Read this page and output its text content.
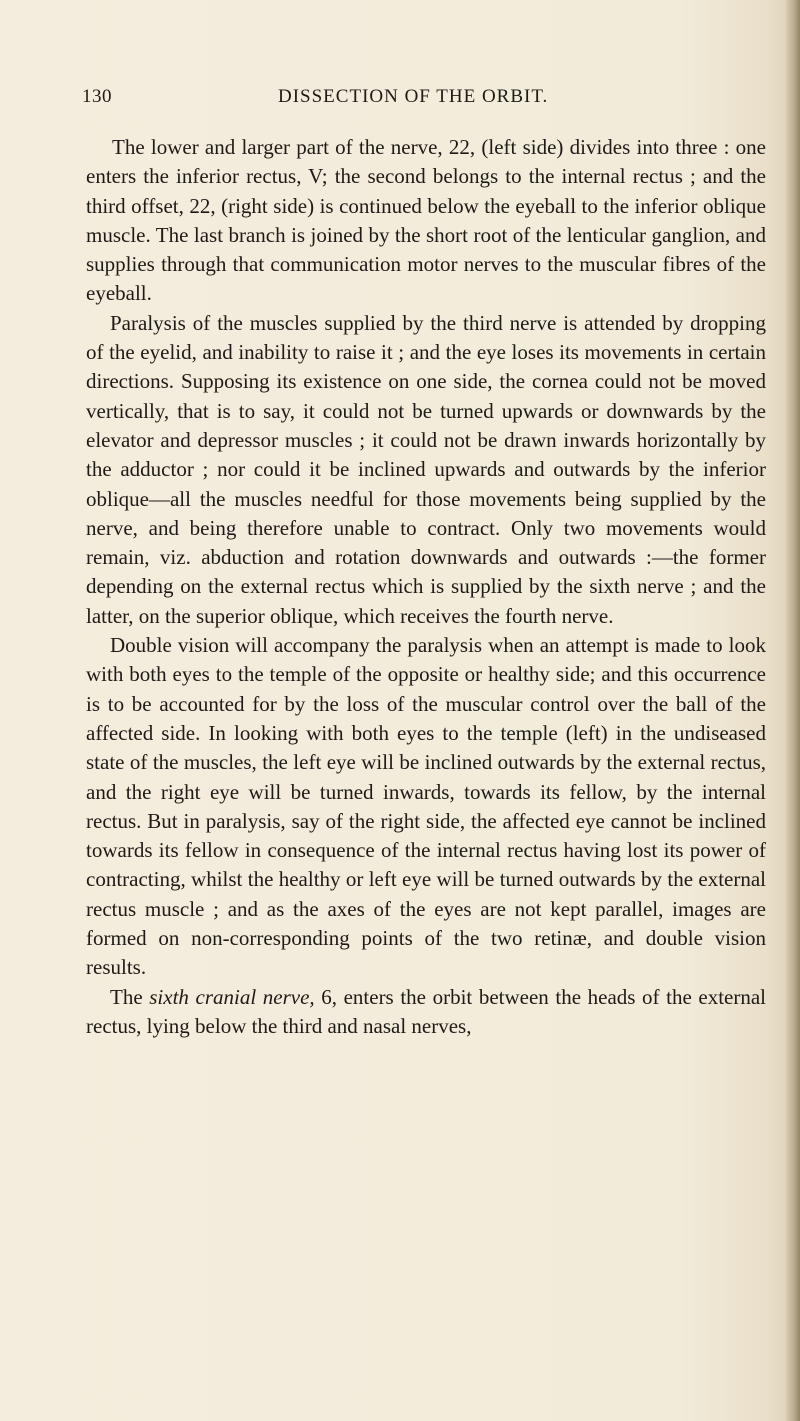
130	DISSECTION OF THE ORBIT.

The lower and larger part of the nerve, 22, (left side) divides into three : one enters the inferior rectus, V; the second belongs to the internal rectus ; and the third offset, 22, (right side) is continued below the eyeball to the inferior oblique muscle. The last branch is joined by the short root of the lenticular ganglion, and supplies through that communication motor nerves to the muscular fibres of the eyeball.

Paralysis of the muscles supplied by the third nerve is attended by dropping of the eyelid, and inability to raise it ; and the eye loses its movements in certain directions. Supposing its existence on one side, the cornea could not be moved vertically, that is to say, it could not be turned upwards or downwards by the elevator and depressor muscles ; it could not be drawn inwards horizontally by the adductor ; nor could it be inclined upwards and outwards by the inferior oblique—all the muscles needful for those movements being supplied by the nerve, and being therefore unable to contract. Only two movements would remain, viz. abduction and rotation downwards and outwards :—the former depending on the external rectus which is supplied by the sixth nerve ; and the latter, on the superior oblique, which receives the fourth nerve.

Double vision will accompany the paralysis when an attempt is made to look with both eyes to the temple of the opposite or healthy side; and this occurrence is to be accounted for by the loss of the muscular control over the ball of the affected side. In looking with both eyes to the temple (left) in the undiseased state of the muscles, the left eye will be inclined outwards by the external rectus, and the right eye will be turned inwards, towards its fellow, by the internal rectus. But in paralysis, say of the right side, the affected eye cannot be inclined towards its fellow in consequence of the internal rectus having lost its power of contracting, whilst the healthy or left eye will be turned outwards by the external rectus muscle ; and as the axes of the eyes are not kept parallel, images are formed on non-corresponding points of the two retinæ, and double vision results.

The sixth cranial nerve, 6, enters the orbit between the heads of the external rectus, lying below the third and nasal nerves,
